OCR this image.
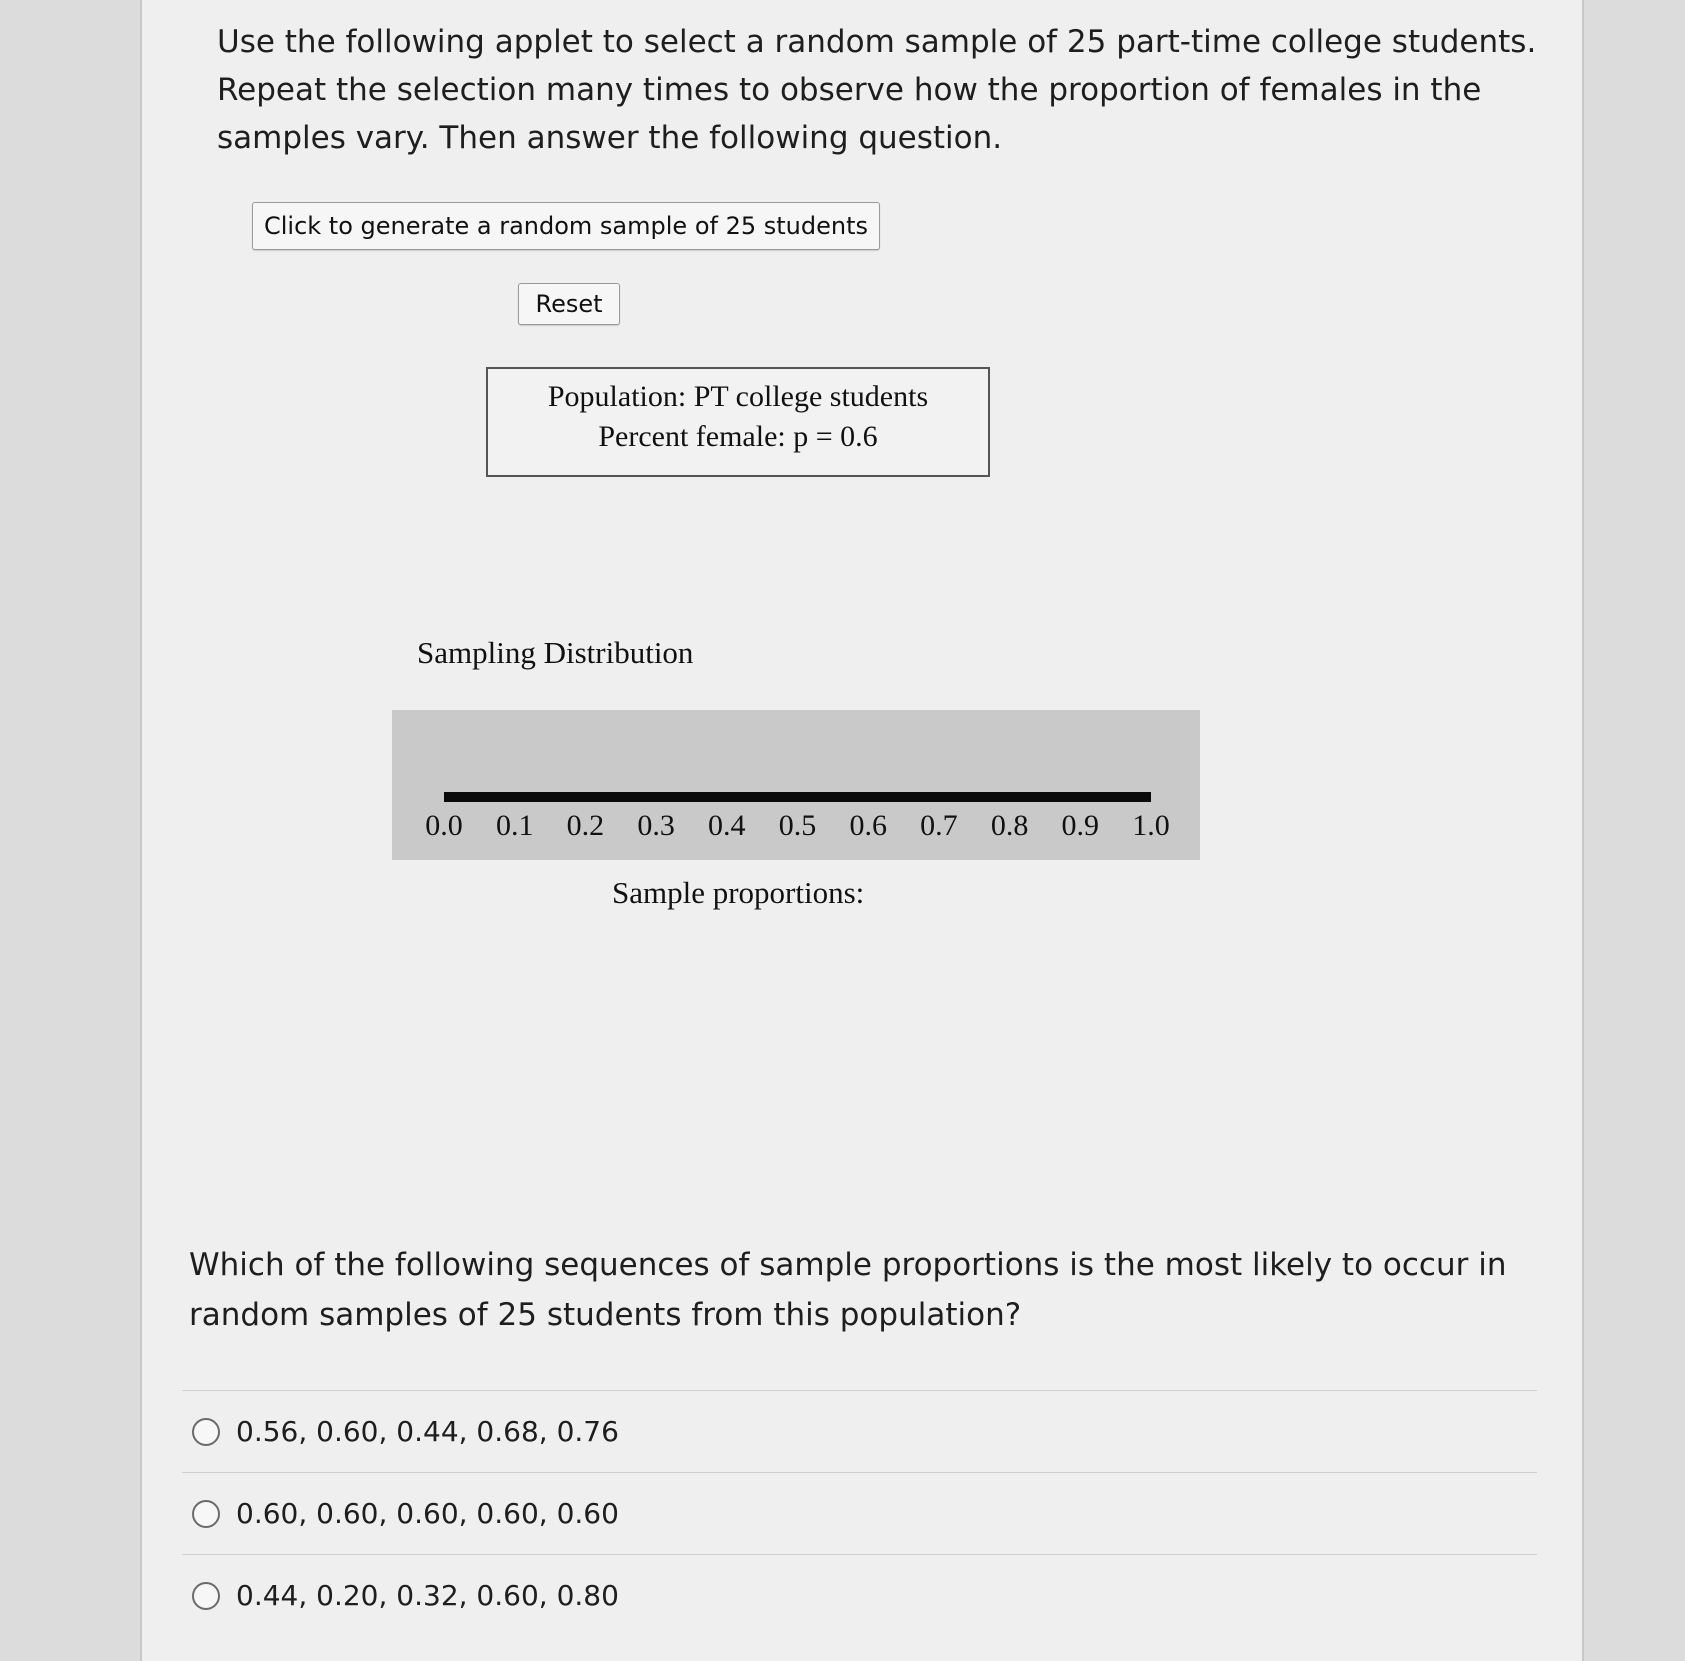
Use the following applet to select a random sample of 25 part-time college students. Repeat the selection many times to observe how the proportion of females in the samples vary. Then answer the following question.

Click to generate a random sample of 25 students
Reset
Population: PT college students
Percent female: p = 0.6
Sampling Distribution
0.0 0.1 0.2 0.3 0.4 0.5 0.6 0.7 0.8 0.9 1.0
Sample proportions:

Which of the following sequences of sample proportions is the most likely to occur in random samples of 25 students from this population?

0.56, 0.60, 0.44, 0.68, 0.76
0.60, 0.60, 0.60, 0.60, 0.60
0.44, 0.20, 0.32, 0.60, 0.80
